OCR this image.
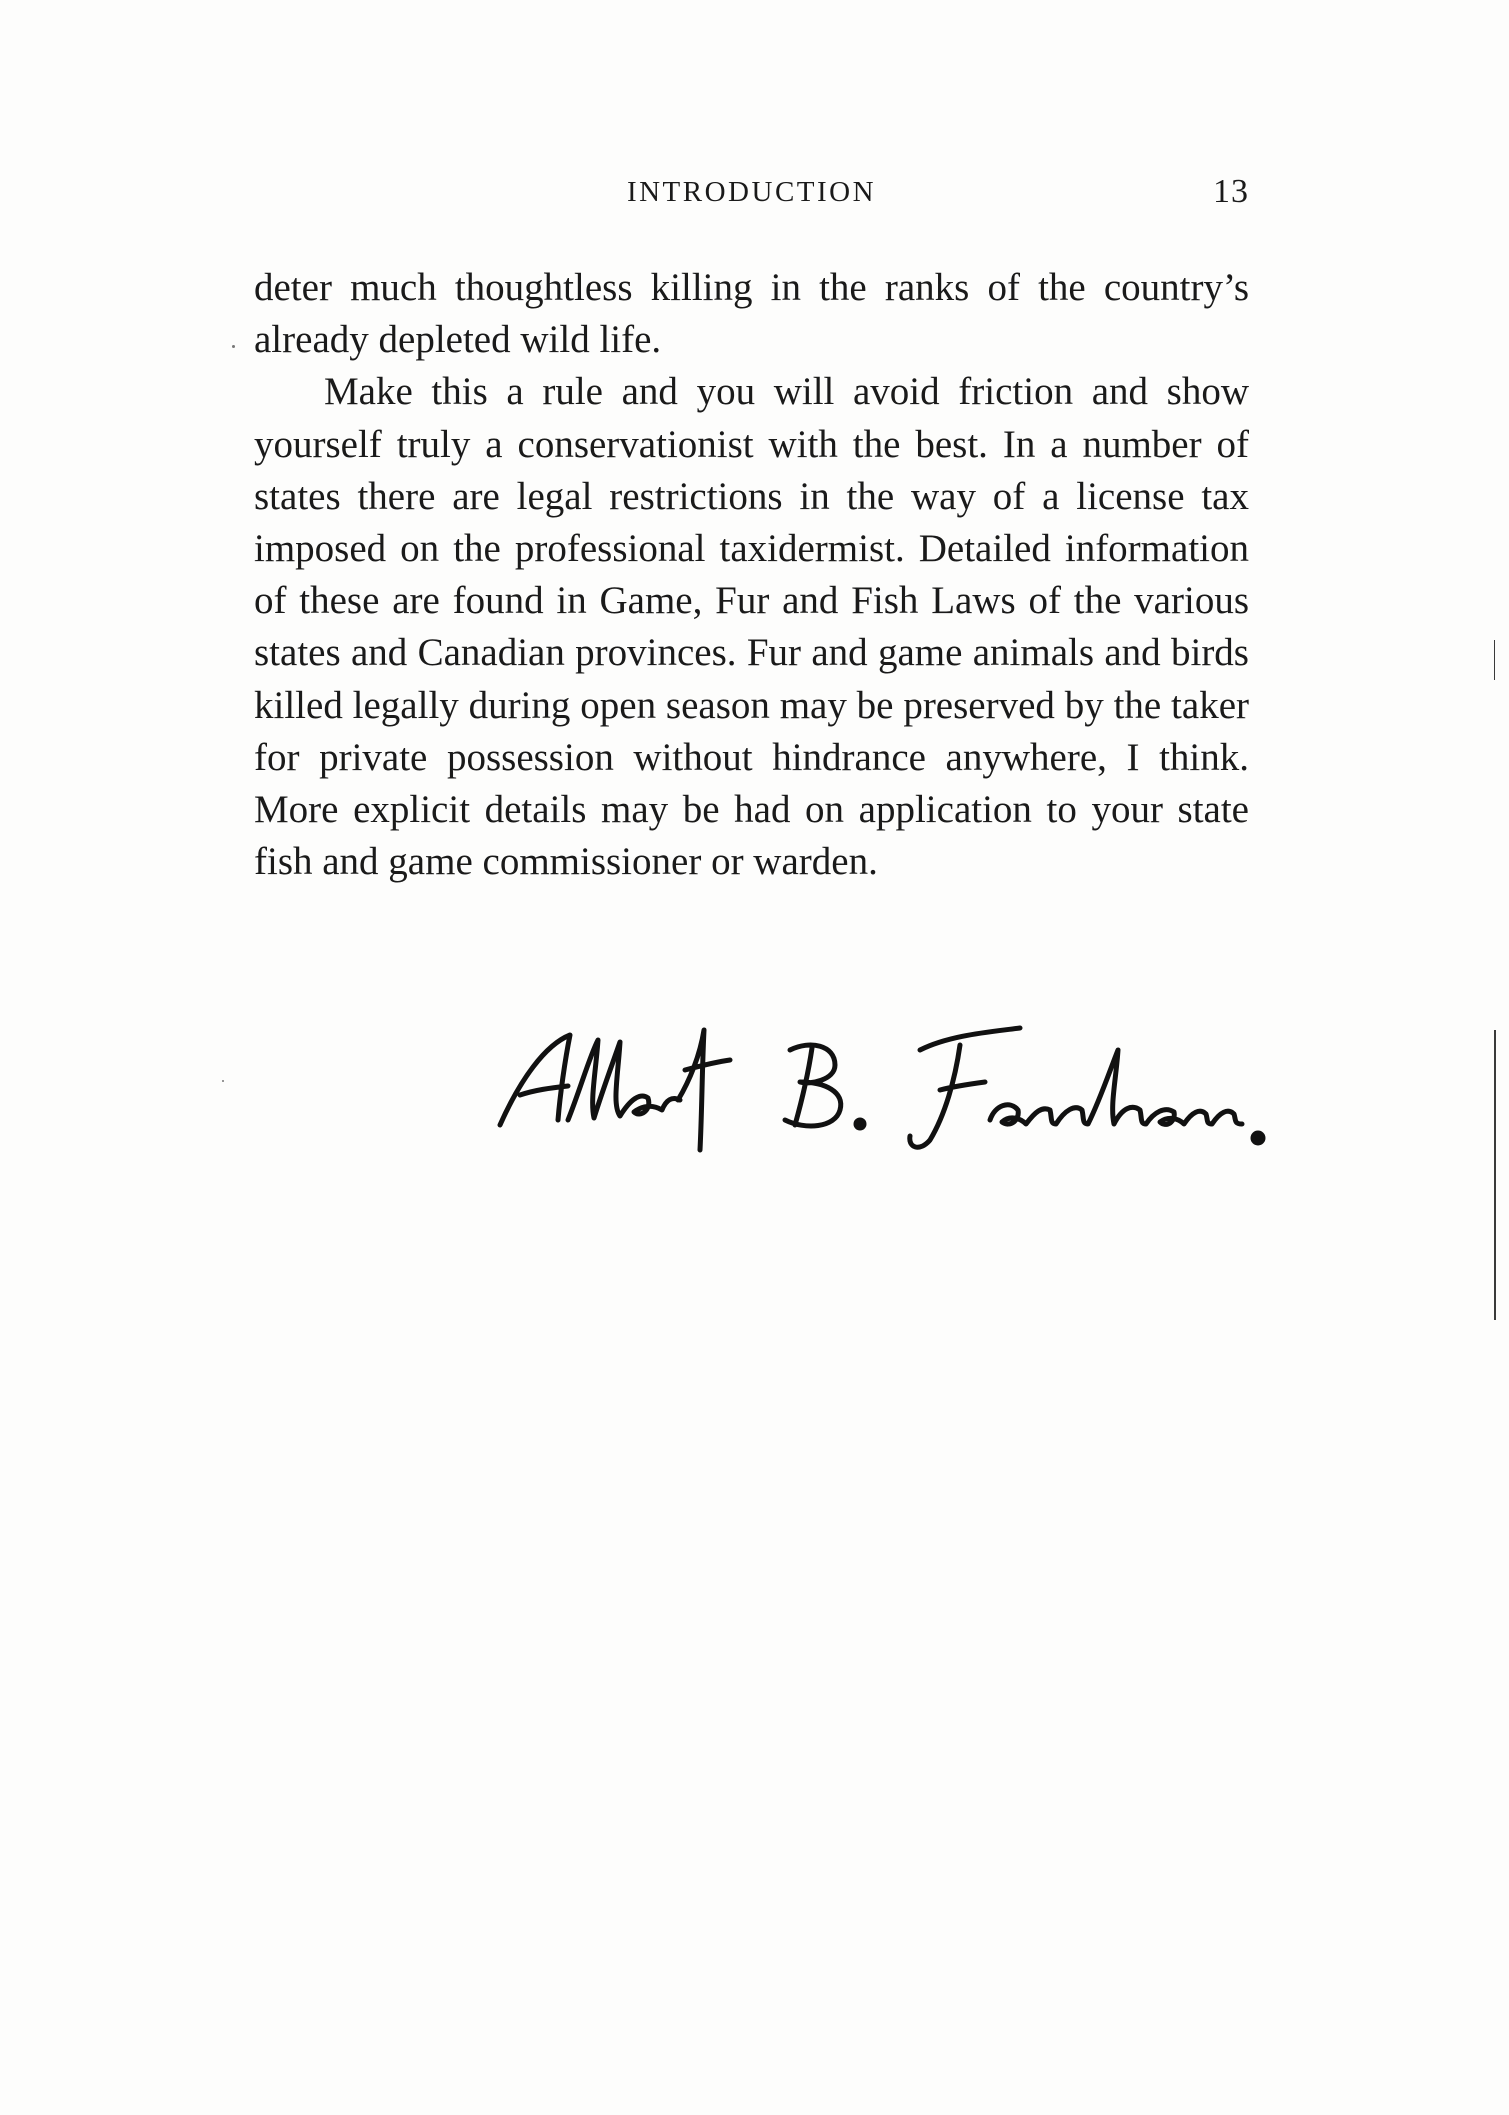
INTRODUCTION	13

deter much thoughtless killing in the ranks of the country’s already depleted wild life.

Make this a rule and you will avoid friction and show yourself truly a conservationist with the best. In a number of states there are legal restrictions in the way of a license tax imposed on the professional taxidermist. Detailed information of these are found in Game, Fur and Fish Laws of the various states and Canadian provinces. Fur and game animals and birds killed legally during open season may be preserved by the taker for private possession without hindrance anywhere, I think. More explicit details may be had on application to your state fish and game commissioner or warden.
